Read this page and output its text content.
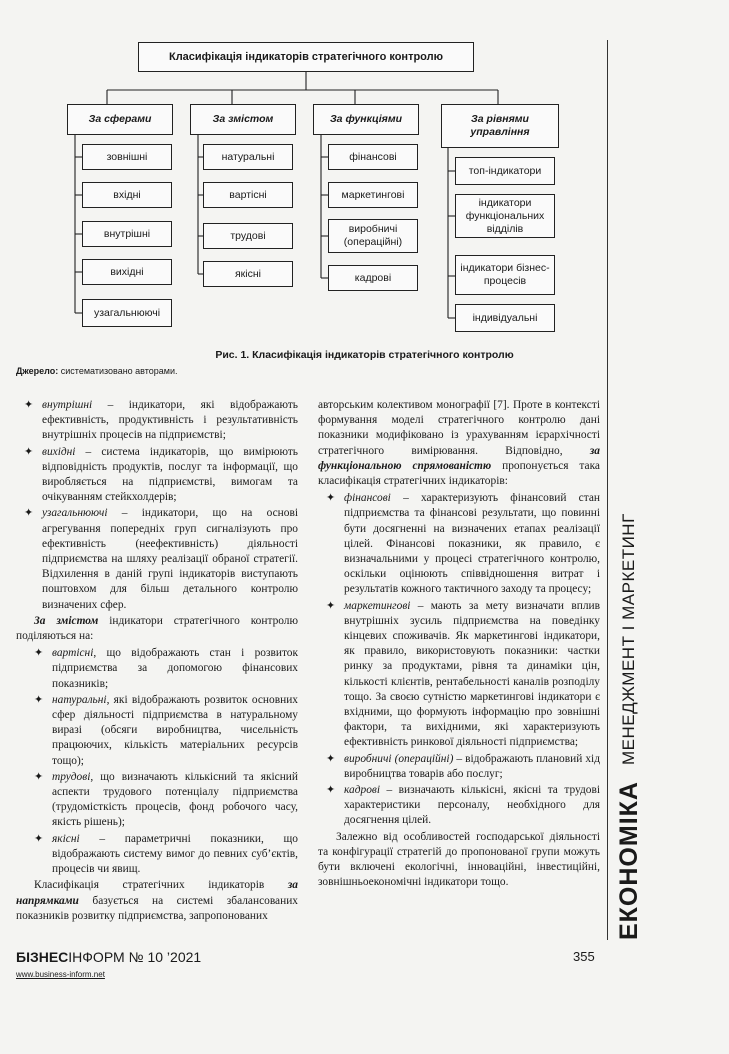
Класифікація індикаторів стратегічного контролю
За сферами	За змістом	За функціями	За рівнями управління
зовнішні
вхідні
внутрішні
вихідні
узагальнюючі
натуральні
вартісні
трудові
якісні
фінансові
маркетингові
виробничі (операційні)
кадрові
топ-індикатори
індикатори функціональних відділів
індикатори бізнес-процесів
індивідуальні
Рис. 1. Класифікація індикаторів стратегічного контролю
Джерело: систематизовано авторами.
✦ внутрішні – індикатори, які відображають ефективність, продуктивність і результативність внутрішніх процесів на підприємстві;
✦ вихідні – система індикаторів, що вимірюють відповідність продуктів, послуг та інформації, що виробляється на підприємстві, вимогам та очікуванням стейкхолдерів;
✦ узагальнюючі – індикатори, що на основі агрегування попередніх груп сигналізують про ефективність (неефективність) діяльності підприємства на шляху реалізації обраної стратегії. Відхилення в даній групі індикаторів виступають поштовхом для більш детального контролю визначених сфер.

За змістом індикатори стратегічного контролю поділяються на:

✦ вартісні, що відображають стан і розвиток підприємства за допомогою фінансових показників;
✦ натуральні, які відображають розвиток основних сфер діяльності підприємства в натуральному виразі (обсяги виробництва, чисельність працюючих, кількість матеріальних ресурсів тощо);
✦ трудові, що визначають кількісний та якісний аспекти трудового потенціалу підприємства (трудомісткість процесів, фонд робочого часу, якість рішень);
✦ якісні – параметричні показники, що відображають систему вимог до певних суб’єктів, процесів чи явищ.

Класифікація стратегічних індикаторів за напрямками базується на системі збалансованих показників розвитку підприємства, запропонованих

авторським колективом монографії [7]. Проте в контексті формування моделі стратегічного контролю дані показники модифіковано із урахуванням ієрархічності стратегічного вимірювання. Відповідно, за функціональною спрямованістю пропонується така класифікація стратегічних індикаторів:

✦ фінансові – характеризують фінансовий стан підприємства та фінансові результати, що повинні бути досягненні на визначених етапах реалізації цілей. Фінансові показники, як правило, є визначальними у процесі стратегічного контролю, оскільки оцінюють співвідношення витрат і результатів кожного тактичного заходу та процесу;
✦ маркетингові – мають за мету визначати вплив внутрішніх зусиль підприємства на поведінку кінцевих споживачів. Як маркетингові індикатори, як правило, використовують показники: частки ринку за продуктами, рівня та динаміки цін, кількості клієнтів, рентабельності каналів розподілу тощо. За своєю сутністю маркетингові індикатори є вхідними, що формують інформацію про зовнішні фактори, та вихідними, які характеризують ефективність ринкової діяльності підприємства;
✦ виробничі (операційні) – відображають плановий хід виробництва товарів або послуг;
✦ кадрові – визначають кількісні, якісні та трудові характеристики персоналу, необхідного для досягнення цілей.

Залежно від особливостей господарської діяльності та конфігурації стратегій до пропонованої групи можуть бути включені екологічні, інноваційні, інвестиційні, зовнішньоекономічні індикатори тощо.	ЕКОНОМІКА
МЕНЕДЖМЕНТ І МАРКЕТИНГ
БІЗНЕСІНФОРМ № 10 ’2021
www.business-inform.net
355
